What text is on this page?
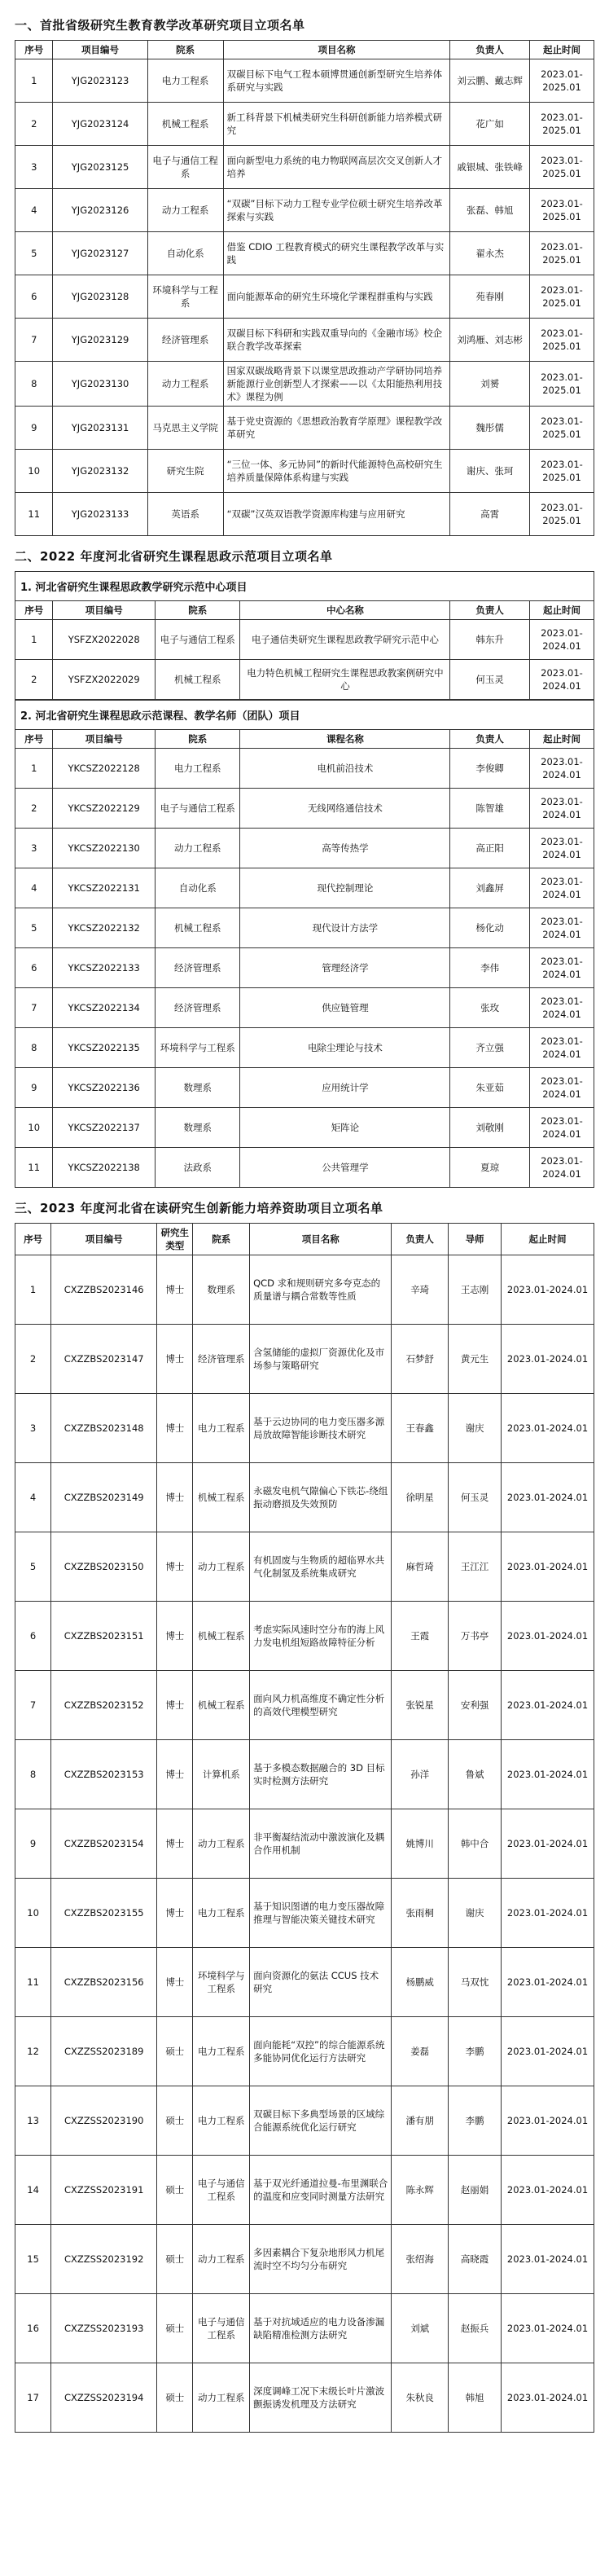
一、首批省级研究生教育教学改革研究项目立项名单
序号	项目编号	院系	项目名称	负责人	起止时间
1	YJG2023123	电力工程系	双碳目标下电气工程本硕博贯通创新型研究生培养体系研究与实践	刘云鹏、戴志辉	2023.01-2025.01
2	YJG2023124	机械工程系	新工科背景下机械类研究生科研创新能力培养模式研究	花广如	2023.01-2025.01
3	YJG2023125	电子与通信工程系	面向新型电力系统的电力物联网高层次交叉创新人才培养	戚银城、张铁峰	2023.01-2025.01
4	YJG2023126	动力工程系	“双碳”目标下动力工程专业学位硕士研究生培养改革探索与实践	张磊、韩旭	2023.01-2025.01
5	YJG2023127	自动化系	借鉴 CDIO 工程教育模式的研究生课程教学改革与实践	翟永杰	2023.01-2025.01
6	YJG2023128	环境科学与工程系	面向能源革命的研究生环境化学课程群重构与实践	苑春刚	2023.01-2025.01
7	YJG2023129	经济管理系	双碳目标下科研和实践双重导向的《金融市场》校企联合教学改革探索	刘鸿雁、刘志彬	2023.01-2025.01
8	YJG2023130	动力工程系	国家双碳战略背景下以课堂思政推动产学研协同培养新能源行业创新型人才探索——以《太阳能热利用技术》课程为例	刘赟	2023.01-2025.01
9	YJG2023131	马克思主义学院	基于党史资源的《思想政治教育学原理》课程教学改革研究	魏彤儒	2023.01-2025.01
10	YJG2023132	研究生院	“三位一体、多元协同”的新时代能源特色高校研究生培养质量保障体系构建与实践	谢庆、张珂	2023.01-2025.01
11	YJG2023133	英语系	“双碳”汉英双语教学资源库构建与应用研究	高霄	2023.01-2025.01
二、2022 年度河北省研究生课程思政示范项目立项名单
1. 河北省研究生课程思政教学研究示范中心项目
序号	项目编号	院系	中心名称	负责人	起止时间
1	YSFZX2022028	电子与通信工程系	电子通信类研究生课程思政教学研究示范中心	韩东升	2023.01-2024.01
2	YSFZX2022029	机械工程系	电力特色机械工程研究生课程思政教案例研究中心	何玉灵	2023.01-2024.01
2. 河北省研究生课程思政示范课程、教学名师（团队）项目
序号	项目编号	院系	课程名称	负责人	起止时间
1	YKCSZ2022128	电力工程系	电机前沿技术	李俊卿	2023.01-2024.01
2	YKCSZ2022129	电子与通信工程系	无线网络通信技术	陈智雄	2023.01-2024.01
3	YKCSZ2022130	动力工程系	高等传热学	高正阳	2023.01-2024.01
4	YKCSZ2022131	自动化系	现代控制理论	刘鑫屏	2023.01-2024.01
5	YKCSZ2022132	机械工程系	现代设计方法学	杨化动	2023.01-2024.01
6	YKCSZ2022133	经济管理系	管理经济学	李伟	2023.01-2024.01
7	YKCSZ2022134	经济管理系	供应链管理	张玫	2023.01-2024.01
8	YKCSZ2022135	环境科学与工程系	电除尘理论与技术	齐立强	2023.01-2024.01
9	YKCSZ2022136	数理系	应用统计学	朱亚茹	2023.01-2024.01
10	YKCSZ2022137	数理系	矩阵论	刘敬刚	2023.01-2024.01
11	YKCSZ2022138	法政系	公共管理学	夏琼	2023.01-2024.01
三、2023 年度河北省在读研究生创新能力培养资助项目立项名单
序号	项目编号	研究生类型	院系	项目名称	负责人	导师	起止时间
1	CXZZBS2023146	博士	数理系	QCD 求和规则研究多夸克态的质量谱与耦合常数等性质	辛琦	王志刚	2023.01-2024.01
2	CXZZBS2023147	博士	经济管理系	含氢储能的虚拟厂资源优化及市场参与策略研究	石梦舒	黄元生	2023.01-2024.01
3	CXZZBS2023148	博士	电力工程系	基于云边协同的电力变压器多源局放故障智能诊断技术研究	王春鑫	谢庆	2023.01-2024.01
4	CXZZBS2023149	博士	机械工程系	永磁发电机气隙偏心下铁芯-绕组振动磨损及失效预防	徐明星	何玉灵	2023.01-2024.01
5	CXZZBS2023150	博士	动力工程系	有机固废与生物质的超临界水共气化制氢及系统集成研究	麻哲琦	王江江	2023.01-2024.01
6	CXZZBS2023151	博士	机械工程系	考虑实际风速时空分布的海上风力发电机组短路故障特征分析	王霞	万书亭	2023.01-2024.01
7	CXZZBS2023152	博士	机械工程系	面向风力机高维度不确定性分析的高效代理模型研究	张锐星	安利强	2023.01-2024.01
8	CXZZBS2023153	博士	计算机系	基于多模态数据融合的 3D 目标实时检测方法研究	孙洋	鲁斌	2023.01-2024.01
9	CXZZBS2023154	博士	动力工程系	非平衡凝结流动中激波演化及耦合作用机制	姚博川	韩中合	2023.01-2024.01
10	CXZZBS2023155	博士	电力工程系	基于知识图谱的电力变压器故障推理与智能决策关键技术研究	张雨桐	谢庆	2023.01-2024.01
11	CXZZBS2023156	博士	环境科学与工程系	面向资源化的氨法 CCUS 技术研究	杨鹏威	马双忱	2023.01-2024.01
12	CXZZSS2023189	硕士	电力工程系	面向能耗“双控”的综合能源系统多能协同优化运行方法研究	姜磊	李鹏	2023.01-2024.01
13	CXZZSS2023190	硕士	电力工程系	双碳目标下多典型场景的区域综合能源系统优化运行研究	潘有朋	李鹏	2023.01-2024.01
14	CXZZSS2023191	硕士	电子与通信工程系	基于双光纤通道拉曼-布里渊联合的温度和应变同时测量方法研究	陈永辉	赵丽娟	2023.01-2024.01
15	CXZZSS2023192	硕士	动力工程系	多因素耦合下复杂地形风力机尾流时空不均匀分布研究	张绍海	高晓霞	2023.01-2024.01
16	CXZZSS2023193	硕士	电子与通信工程系	基于对抗域适应的电力设备渗漏缺陷精准检测方法研究	刘斌	赵振兵	2023.01-2024.01
17	CXZZSS2023194	硕士	动力工程系	深度调峰工况下末级长叶片激波颤振诱发机理及方法研究	朱秋良	韩旭	2023.01-2024.01
